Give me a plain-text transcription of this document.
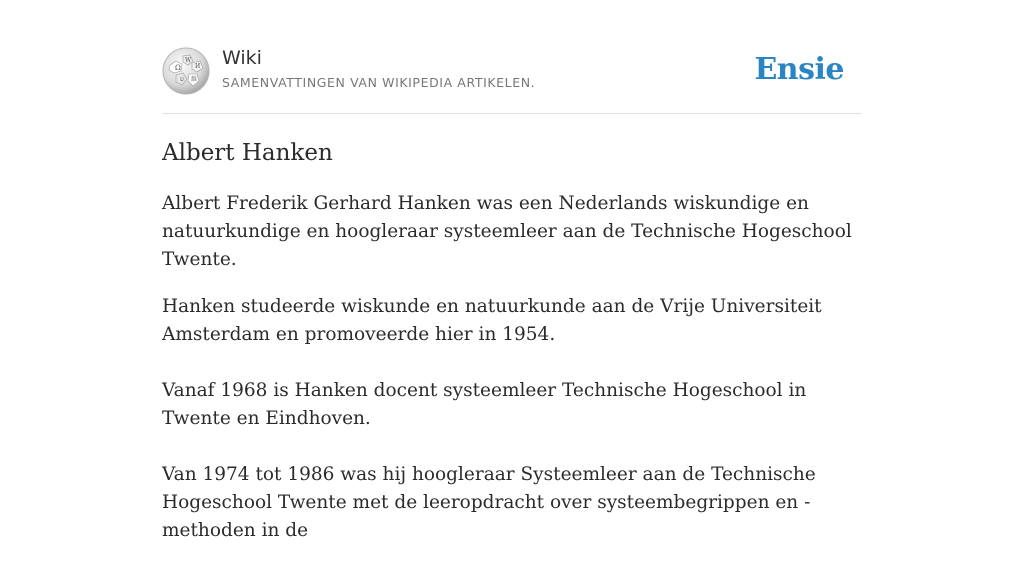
Ω
W
И
ש 維
Wiki
SAMENVATTINGEN VAN WIKIPEDIA ARTIKELEN.	Ensie
Albert Hanken

Albert Frederik Gerhard Hanken was een Nederlands wiskundige en natuurkundige en hoogleraar systeemleer aan de Technische Hogeschool Twente.

Hanken studeerde wiskunde en natuurkunde aan de Vrije Universiteit Amsterdam en promoveerde hier in 1954.

Vanaf 1968 is Hanken docent systeemleer Technische Hogeschool in Twente en Eindhoven.

Van 1974 tot 1986 was hij hoogleraar Systeemleer aan de Technische Hogeschool Twente met de leeropdracht over systeembegrippen en -methoden in de
